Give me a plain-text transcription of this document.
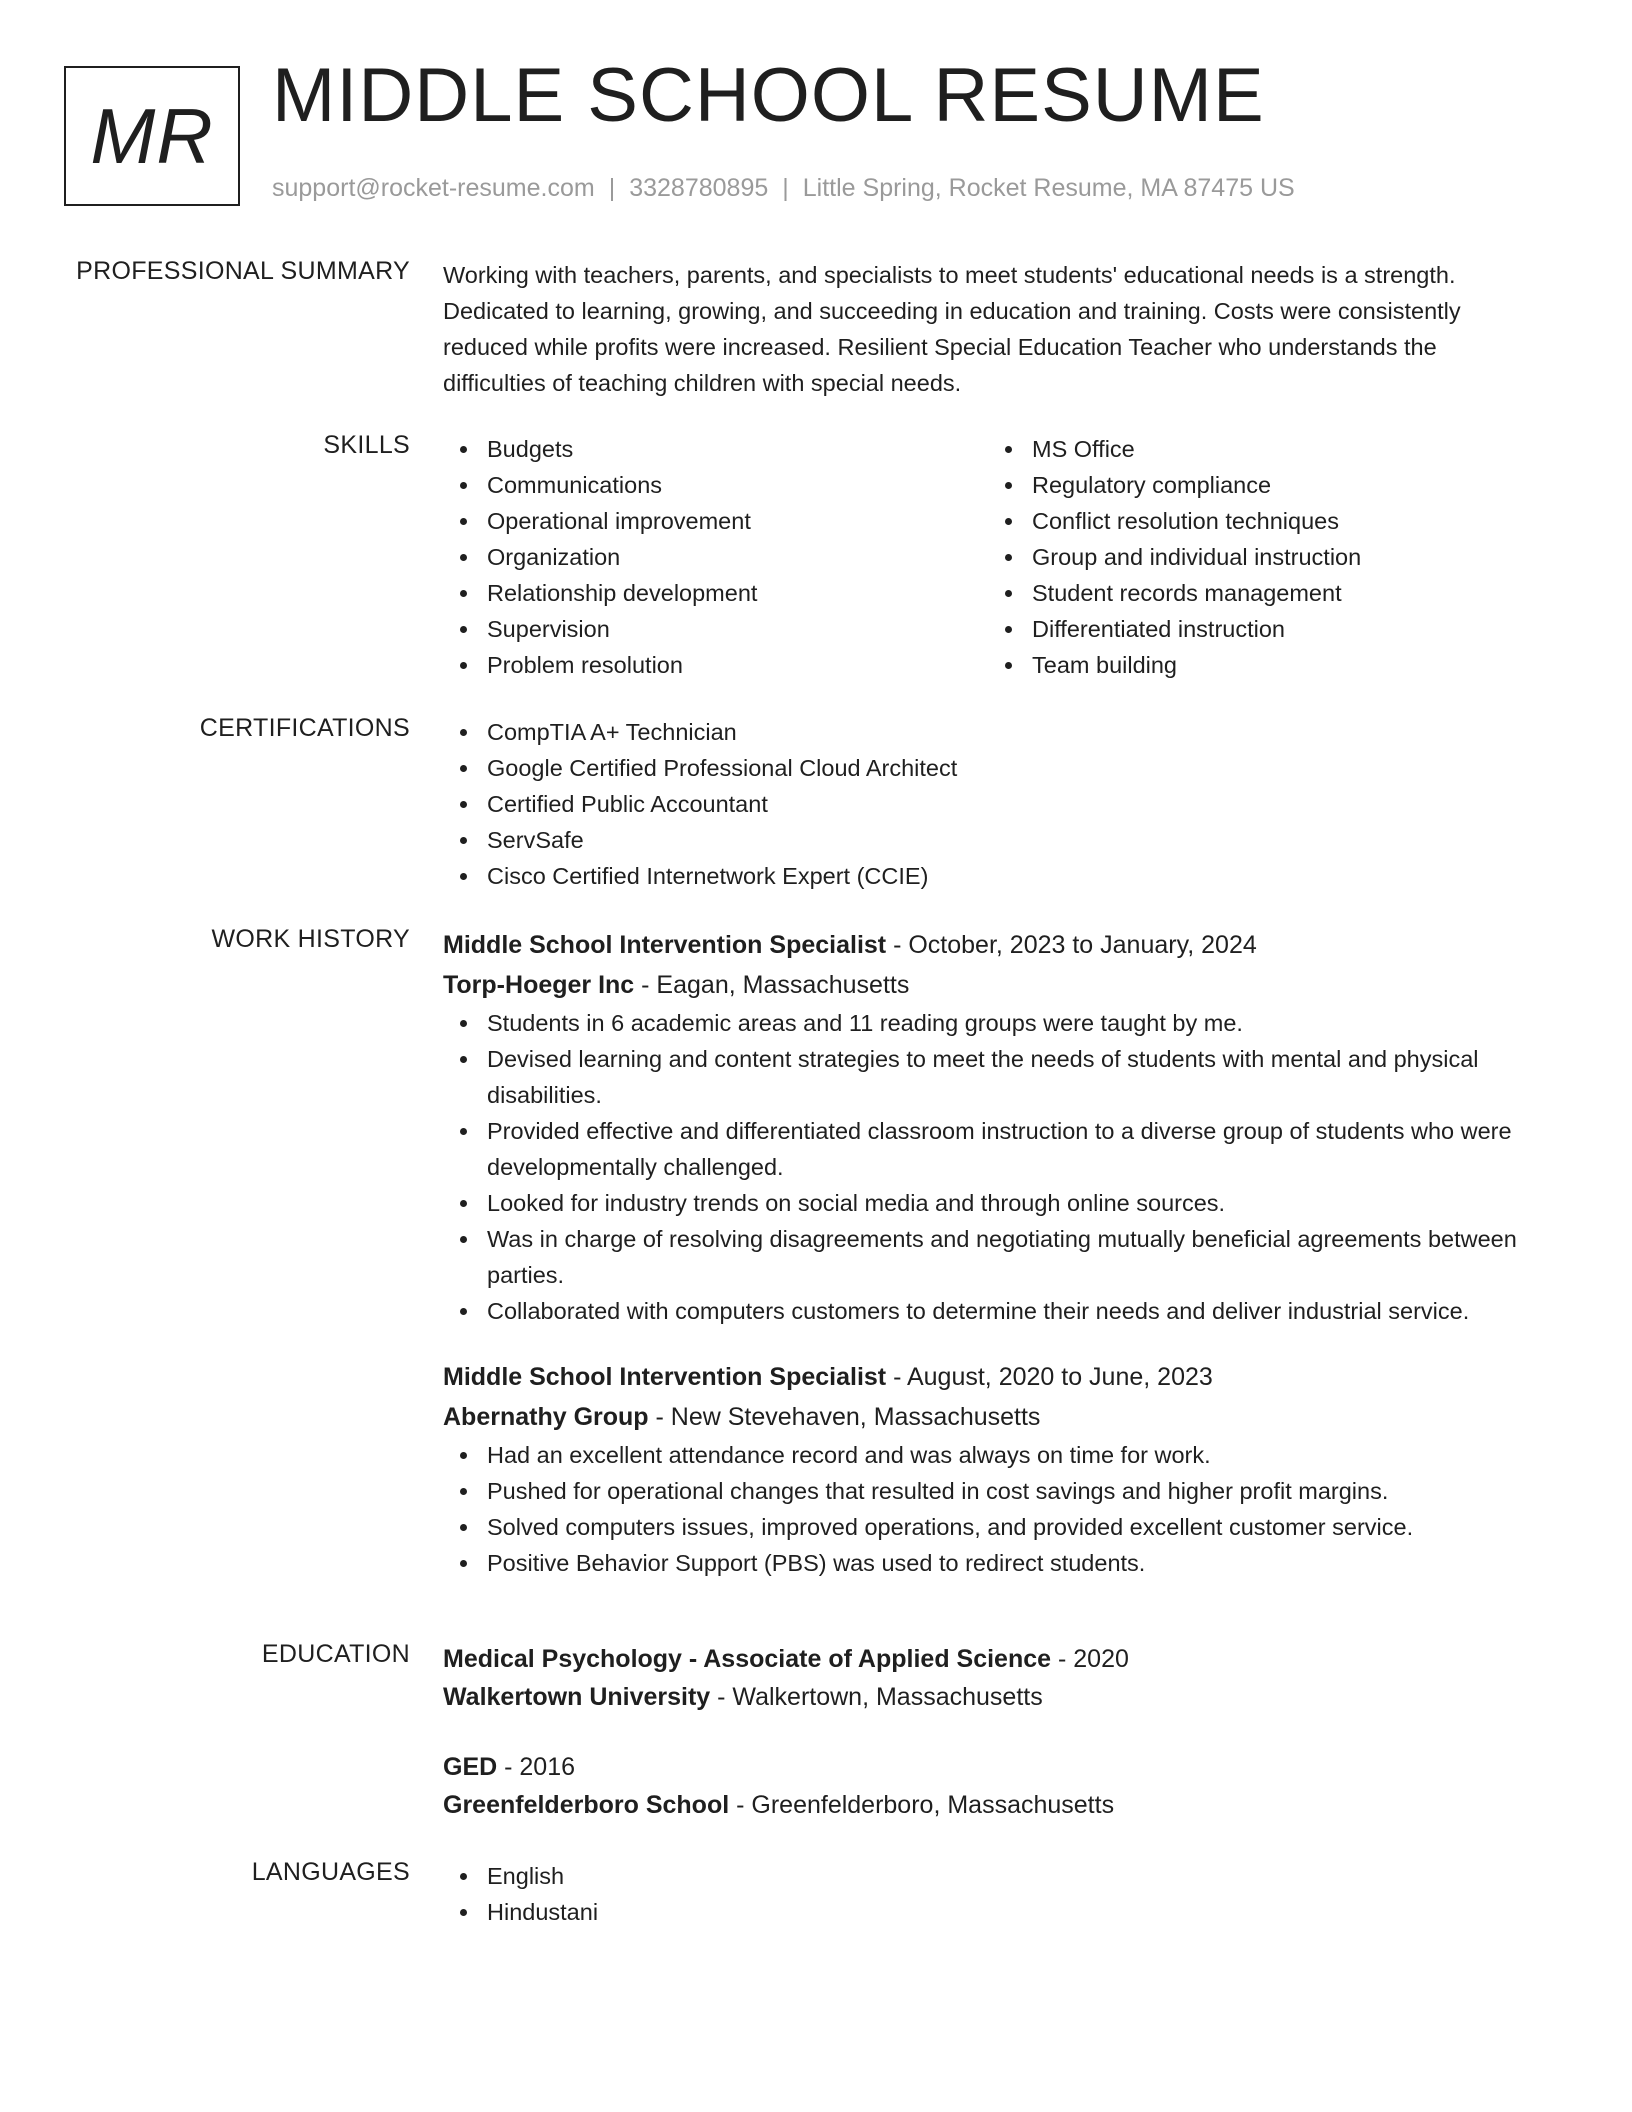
MR MIDDLE SCHOOL RESUME
support@rocket-resume.com | 3328780895 | Little Spring, Rocket Resume, MA 87475 US
PROFESSIONAL SUMMARY Working with teachers, parents, and specialists to meet students' educational needs is a strength. Dedicated to learning, growing, and succeeding in education and training. Costs were consistently reduced while profits were increased. Resilient Special Education Teacher who understands the difficulties of teaching children with special needs.

SKILLS	Budgets
Communications
Operational improvement
Organization
Relationship development
Supervision
Problem resolution
MS Office
Regulatory compliance
Conflict resolution techniques
Group and individual instruction
Student records management
Differentiated instruction
Team building
CERTIFICATIONS	CompTIA A+ Technician
Google Certified Professional Cloud Architect
Certified Public Accountant
ServSafe
Cisco Certified Internetwork Expert (CCIE)
WORK HISTORY Middle School Intervention Specialist - October, 2023 to January, 2024
Torp-Hoeger Inc - Eagan, Massachusetts
Students in 6 academic areas and 11 reading groups were taught by me.
Devised learning and content strategies to meet the needs of students with mental and physical disabilities.
Provided effective and differentiated classroom instruction to a diverse group of students who were developmentally challenged.
Looked for industry trends on social media and through online sources.
Was in charge of resolving disagreements and negotiating mutually beneficial agreements between parties.
Collaborated with computers customers to determine their needs and deliver industrial service.
Middle School Intervention Specialist - August, 2020 to June, 2023
Abernathy Group - New Stevehaven, Massachusetts
Had an excellent attendance record and was always on time for work.
Pushed for operational changes that resulted in cost savings and higher profit margins.
Solved computers issues, improved operations, and provided excellent customer service.
Positive Behavior Support (PBS) was used to redirect students.
EDUCATION Medical Psychology - Associate of Applied Science - 2020
Walkertown University - Walkertown, Massachusetts
GED - 2016
Greenfelderboro School - Greenfelderboro, Massachusetts
LANGUAGES	English
Hindustani
